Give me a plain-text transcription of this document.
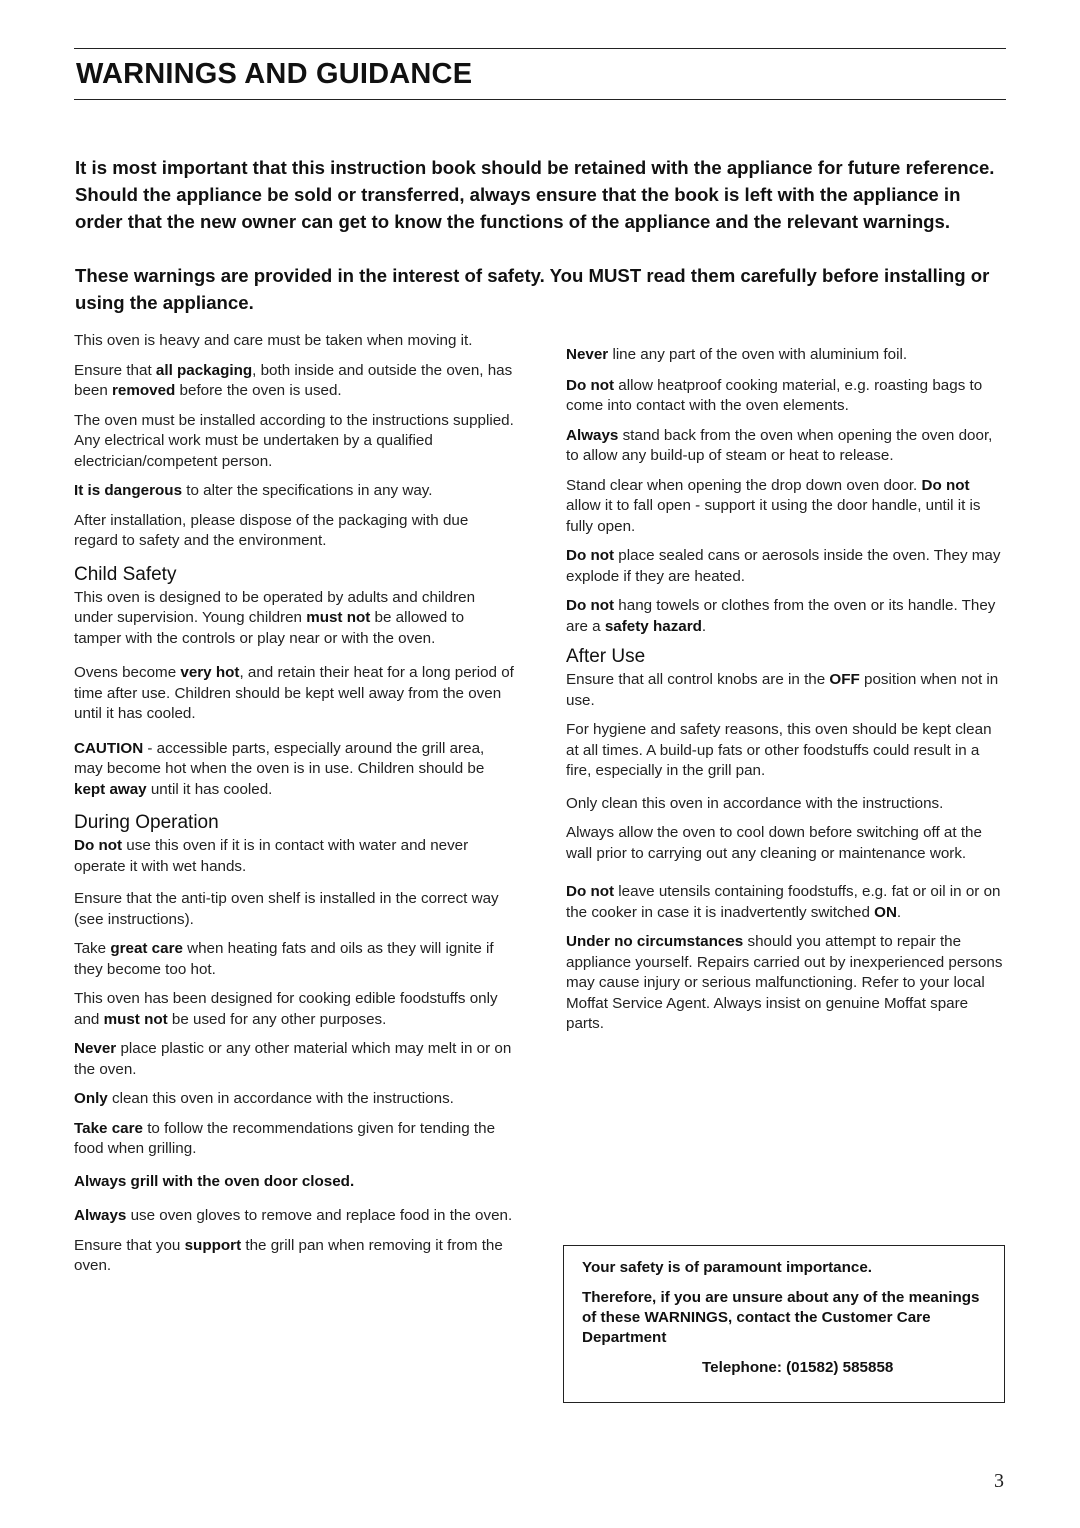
WARNINGS AND GUIDANCE

It is most important that this instruction book should be retained with the appliance for future reference. Should the appliance be sold or transferred, always ensure that the book is left with the appliance in order that the new owner can get to know the functions of the appliance and the relevant warnings.

These warnings are provided in the interest of safety. You MUST read them carefully before installing or using the appliance.

This oven is heavy and care must be taken when moving it.

Ensure that all packaging, both inside and outside the oven, has been removed before the oven is used.

The oven must be installed according to the instructions supplied. Any electrical work must be undertaken by a qualified electrician/competent person.

It is dangerous to alter the specifications in any way.

After installation, please dispose of the packaging with due regard to safety and the environment.

Child Safety

This oven is designed to be operated by adults and children under supervision. Young children must not be allowed to tamper with the controls or play near or with the oven.

Ovens become very hot, and retain their heat for a long period of time after use. Children should be kept well away from the oven until it has cooled.

CAUTION - accessible parts, especially around the grill area, may become hot when the oven is in use. Children should be kept away until it has cooled.

During Operation

Do not use this oven if it is in contact with water and never operate it with wet hands.

Ensure that the anti-tip oven shelf is installed in the correct way (see instructions).

Take great care when heating fats and oils as they will ignite if they become too hot.

This oven has been designed for cooking edible foodstuffs only and must not be used for any other purposes.

Never place plastic or any other material which may melt in or on the oven.

Only clean this oven in accordance with the instructions.

Take care to follow the recommendations given for tending the food when grilling.

Always grill with the oven door closed.

Always use oven gloves to remove and replace food in the oven.

Ensure that you support the grill pan when removing it from the oven.

Never line any part of the oven with aluminium foil.

Do not allow heatproof cooking material, e.g. roasting bags to come into contact with the oven elements.

Always stand back from the oven when opening the oven door, to allow any build-up of steam or heat to release.

Stand clear when opening the drop down oven door. Do not allow it to fall open - support it using the door handle, until it is fully open.

Do not place sealed cans or aerosols inside the oven. They may explode if they are heated.

Do not hang towels or clothes from the oven or its handle. They are a safety hazard.

After Use

Ensure that all control knobs are in the OFF position when not in use.

For hygiene and safety reasons, this oven should be kept clean at all times. A build-up fats or other foodstuffs could result in a fire, especially in the grill pan.

Only clean this oven in accordance with the instructions.

Always allow the oven to cool down before switching off at the wall prior to carrying out any cleaning or maintenance work.

Do not leave utensils containing foodstuffs, e.g. fat or oil in or on the cooker in case it is inadvertently switched ON.

Under no circumstances should you attempt to repair the appliance yourself. Repairs carried out by inexperienced persons may cause injury or serious malfunctioning. Refer to your local Moffat Service Agent. Always insist on genuine Moffat spare parts.

Your safety is of paramount importance.

Therefore, if you are unsure about any of the meanings of these WARNINGS, contact the Customer Care Department

Telephone: (01582) 585858

3
